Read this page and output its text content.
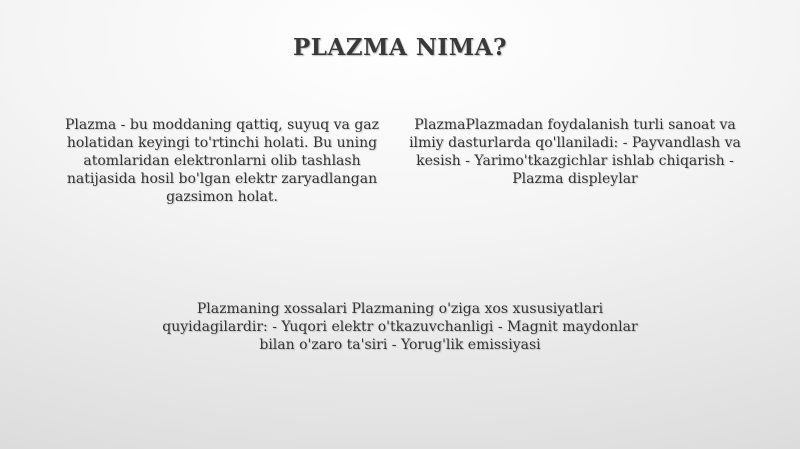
PLAZMA NIMA?
Plazma - bu moddaning qattiq, suyuq va gaz holatidan keyingi to'rtinchi holati. Bu uning atomlaridan elektronlarni olib tashlash natijasida hosil bo'lgan elektr zaryadlangan gazsimon holat.
PlazmaPlazmadan foydalanish turli sanoat va ilmiy dasturlarda qo'llaniladi: - Payvandlash va kesish - Yarimo'tkazgichlar ishlab chiqarish - Plazma displeylar
Plazmaning xossalari Plazmaning o'ziga xos xususiyatlari quyidagilardir: - Yuqori elektr o'tkazuvchanligi - Magnit maydonlar bilan o'zaro ta'siri - Yorug'lik emissiyasi
